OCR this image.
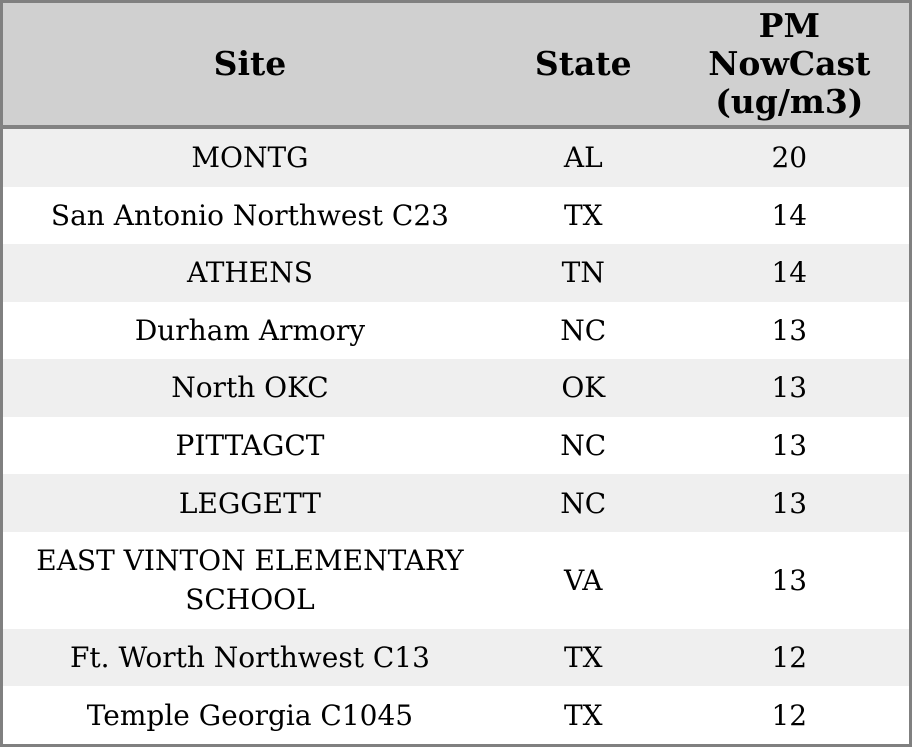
Site	State	PM
NowCast
(ug/m3)

MONTG	AL	20

San Antonio Northwest C23	TX	14

ATHENS	TN	14

Durham Armory	NC	13

North OKC	OK	13

PITTAGCT	NC	13

LEGGETT	NC	13

EAST VINTON ELEMENTARY SCHOOL	VA	13

Ft. Worth Northwest C13	TX	12

Temple Georgia C1045	TX	12
